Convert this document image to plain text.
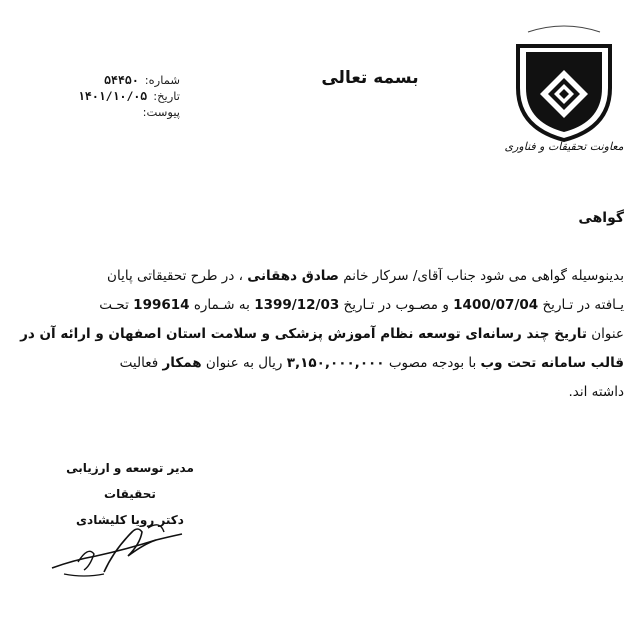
معاونت تحقیقات و فناوری
بسمه تعالی
شماره:
۵۴۴۵۰
تاریخ:
۱۴۰۱/۱۰/۰۵
پیوست:
گواهی
بدینوسیله گواهی می شود جناب آقای/ سرکار خانم صادق دهقانی ، در طرح تحقیقاتی پایان
یـافته در تـاریخ 1400/07/04 و مصـوب در تـاریخ 1399/12/03 به شـماره 199614 تحـت
عنوان تاریخ چند رسانه‌ای توسعه نظام آموزش پزشکی و سلامت استان اصفهان و ارائه آن در
قالب سامانه تحت وب با بودجه مصوب ۳,۱۵۰,۰۰۰,۰۰۰ ریال به عنوان همکار فعالیت
داشته اند.
مدیر توسعه و ارزیابی تحقیقات
دکتر رویا کلیشادی
